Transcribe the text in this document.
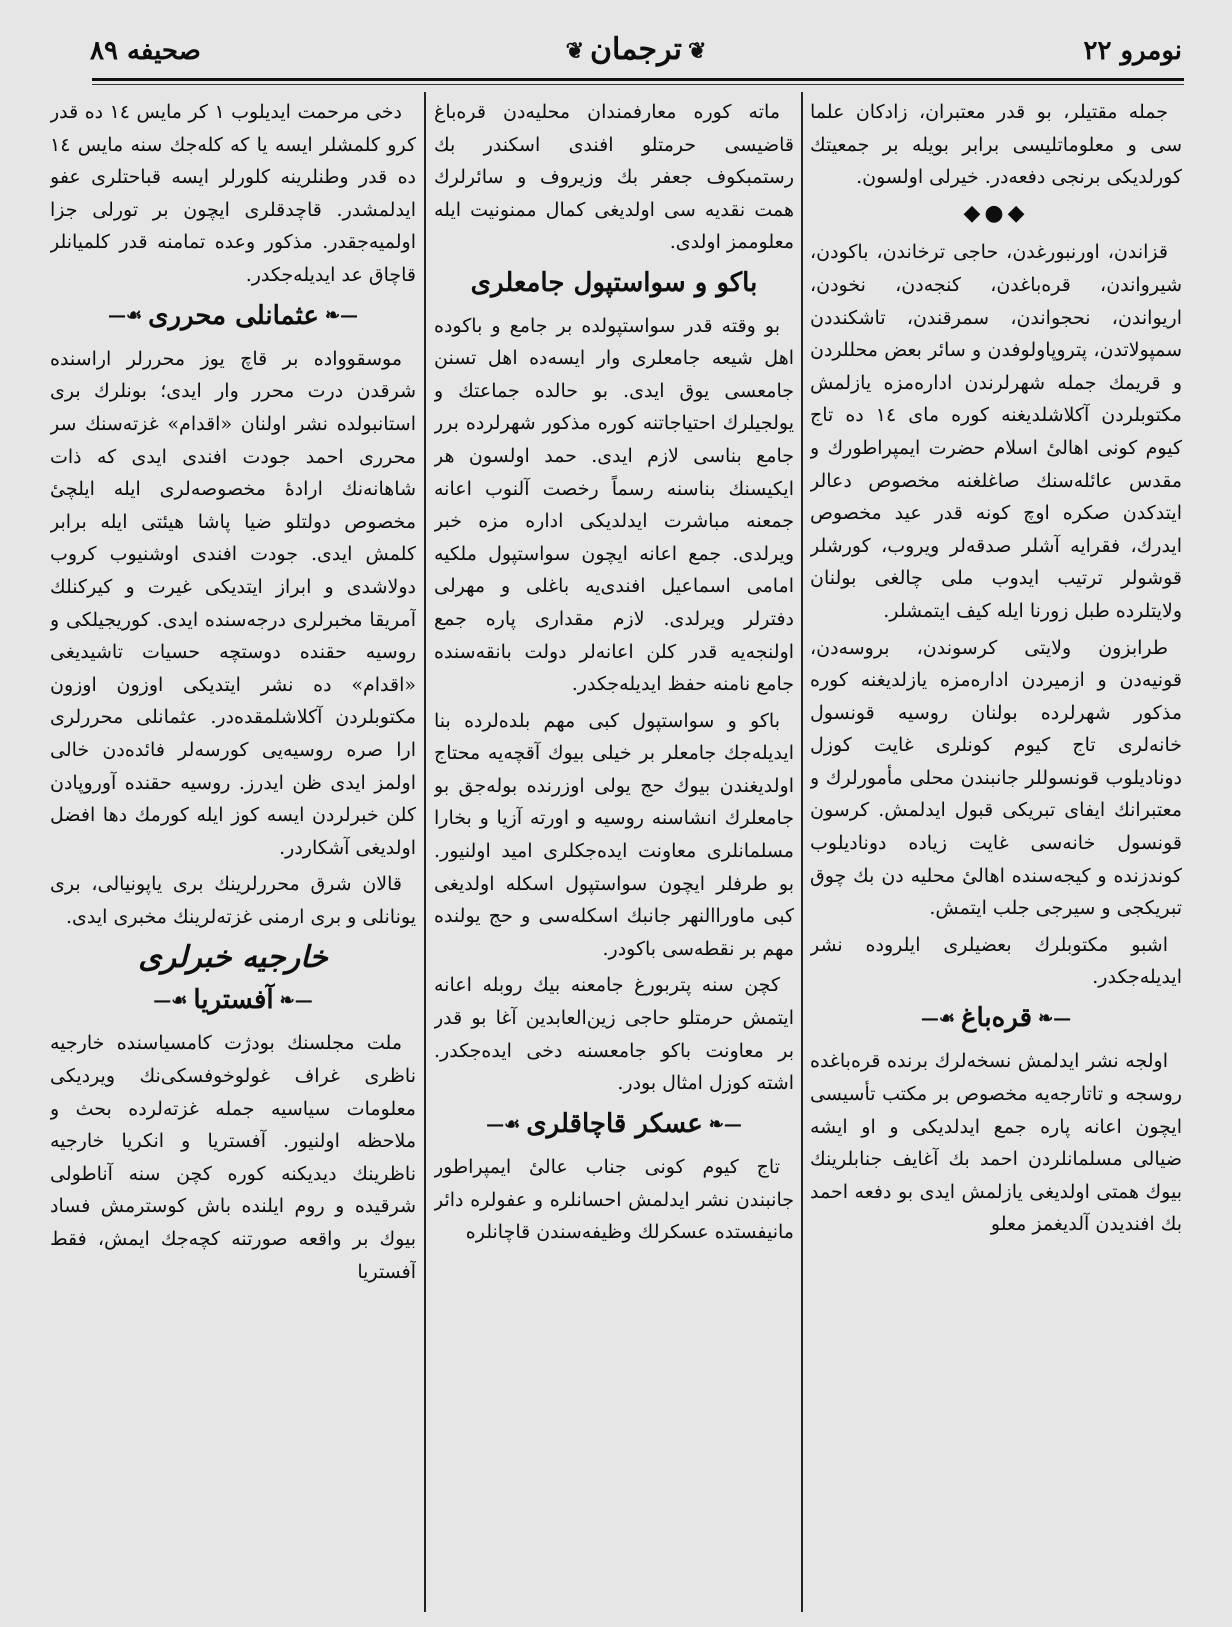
نومرو ٢٢
❦ترجمان❦
صحیفه ٨٩

جمله مقتیلر، بو قدر معتبران، زادکان علما سی و معلوماتلیسی برابر بویله بر جمعیتك کورلدیکی برنجی دفعه‌در. خیرلی اولسون.

◆●◆

قزاندن، اورنبورغدن، حاجی ترخاندن، باکودن، شیرواندن، قره‌باغدن، کنجه‌دن، نخودن، اریواندن، نحجواندن، سمرقندن، تاشکنددن سمپولاتدن، پتروپاولوفدن و سائر بعض محللردن و قریمك جمله شهرلرندن اداره‌مزه یازلمش مکتوبلردن آکلاشلدیغنه کوره مای ١٤ ده تاج کیوم کونی اهالیٔ اسلام حضرت ایمپراطورك و مقدس عائله‌سنك صاغلغنه مخصوص دعالر ایتدکدن صکره اوچ کونه قدر عید مخصوص ایدرك، فقرایه آشلر صدقه‌لر ویروب، کورشلر قوشولر ترتیب ایدوب ملی چالغی بولنان ولایتلرده طبل زورنا ایله کیف ایتمشلر.

طرابزون ولایتی کرسوندن، بروسه‌دن، قونیه‌دن و ازمیردن اداره‌مزه یازلدیغنه کوره مذکور شهرلرده بولنان روسیه قونسول خانه‌لری تاج کیوم کونلری غایت کوزل دونادیلوب قونسوللر جانبندن محلی مأمورلرك و معتبرانك ایفای تبریکی قبول ایدلمش. کرسون قونسول خانه‌سی غایت زیاده دونادیلوب کوندزنده و کیجه‌سنده اهالیٔ محلیه دن بك چوق تبریکجی و سیرجی جلب ایتمش.

اشبو مکتوبلرك بعضیلری ایلروده نشر ایدیله‌جکدر.

—❧قره‌باغ☙—

اولجه نشر ایدلمش نسخه‌لرك برنده قره‌باغده روسجه و تاتارجه‌یه مخصوص بر مکتب تأسیسی ایچون اعانه پاره جمع ایدلدیکی و او ایشه ضیالی مسلمانلردن احمد بك آغایف جنابلرینك بیوك همتی اولدیغی یازلمش ایدی بو دفعه احمد بك افندیدن آلدیغمز معلو

ماته کوره معارفمندان محلیه‌دن قره‌باغ قاضیسی حرمتلو افندی اسکندر بك رستمبکوف جعفر بك وزیروف و سائرلرك همت نقدیه سی اولدیغی کمال ممنونیت ایله معلوممز اولدی.

باکو و سواستپول جامعلری

بو وقته قدر سواستپولده بر جامع و باکوده اهل شیعه جامعلری وار ایسه‌ده اهل تسنن جامعسی یوق ایدی. بو حالده جماعتك و یولجیلرك احتیاجاتنه کوره مذکور شهرلرده برر جامع بناسی لازم ایدی. حمد اولسون هر ایکیسنك بناسنه رسماً رخصت آلنوب اعانه جمعنه مباشرت ایدلدیکی اداره مزه خبر ویرلدی. جمع اعانه ایچون سواستپول ملکیه امامی اسماعیل افندی‌یه باغلی و مهرلی دفترلر ویرلدی. لازم مقداری پاره جمع اولنجه‌یه قدر کلن اعانه‌لر دولت بانقه‌سنده جامع نامنه حفظ ایدیله‌جکدر.

باکو و سواستپول کبی مهم بلده‌لرده بنا ایدیله‌جك جامعلر بر خیلی بیوك آقچه‌یه محتاج اولدیغندن بیوك حج یولی اوزرنده بوله‌جق بو جامعلرك انشاسنه روسیه و اورته آزیا و بخارا مسلمانلری معاونت ایده‌جکلری امید اولنیور. بو طرفلر ایچون سواستپول اسکله اولدیغی کبی ماوراالنهر جانبك اسکله‌سی و حج یولنده مهم بر نقطه‌سی باکودر.

کچن سنه پتربورغ جامعنه بیك روبله اعانه ایتمش حرمتلو حاجی زین‌العابدین آغا بو قدر بر معاونت باکو جامعسنه دخی ایده‌جکدر. اشته کوزل امثال بودر.

—❧عسکر قاچاقلری☙—

تاج کیوم کونی جناب عالیٔ ایمپراطور جانبندن نشر ایدلمش احسانلره و عفولره دائر مانیفستده عسکرلك وظیفه‌سندن قاچانلره

دخی مرحمت ایدیلوب ١ کر مایس ١٤ ده قدر کرو کلمشلر ایسه یا که کله‌جك سنه مایس ١٤ ده قدر وطنلرینه کلورلر ایسه قباحتلری عفو ایدلمشدر. قاچدقلری ایچون بر تورلی جزا اولمیه‌جقدر. مذکور وعده تمامنه قدر کلمیانلر قاچاق عد ایدیله‌جکدر.

—❧عثمانلی محرری☙—

موسقوواده بر قاچ یوز محررلر اراسنده شرقدن درت محرر وار ایدی؛ بونلرك بری استانبولده نشر اولنان «اقدام» غزته‌سنك سر محرری احمد جودت افندی ایدی که ذات شاهانه‌نك ارادهٔ مخصوصه‌لری ایله ایلچیٔ مخصوص دولتلو ضیا پاشا هیئتی ایله برابر کلمش ایدی. جودت افندی اوشنیوب کروب دولاشدی و ابراز ایتدیکی غیرت و کیرکنلك آمریقا مخبرلری درجه‌سنده ایدی. کوریجیلکی و روسیه حقنده دوستچه حسیات تاشیدیغی «اقدام» ده نشر ایتدیکی اوزون اوزون مکتوبلردن آکلاشلمقده‌در. عثمانلی محررلری ارا صره روسیه‌یی کورسه‌لر فائده‌دن خالی اولمز ایدی ظن ایدرز. روسیه حقنده آوروپادن کلن خبرلردن ایسه کوز ایله کورمك دها افضل اولدیغی آشکاردر.

قالان شرق محررلرینك بری یاپونیالی، بری یونانلی و بری ارمنی غزته‌لرینك مخبری ایدی.

خارجیه خبرلری
—❧آفستریا☙—

ملت مجلسنك بودژت کامسیاسنده خارجیه ناظری غراف غولوخوفسکی‌نك ویردیکی معلومات سیاسیه جمله غزته‌لرده بحث و ملاحظه اولنیور. آفستریا و انکریا خارجیه ناظرینك دیدیکنه کوره کچن سنه آناطولی شرقیده و روم ایلنده باش کوسترمش فساد بیوك بر واقعه صورتنه کچه‌جك ایمش، فقط آفستریا
